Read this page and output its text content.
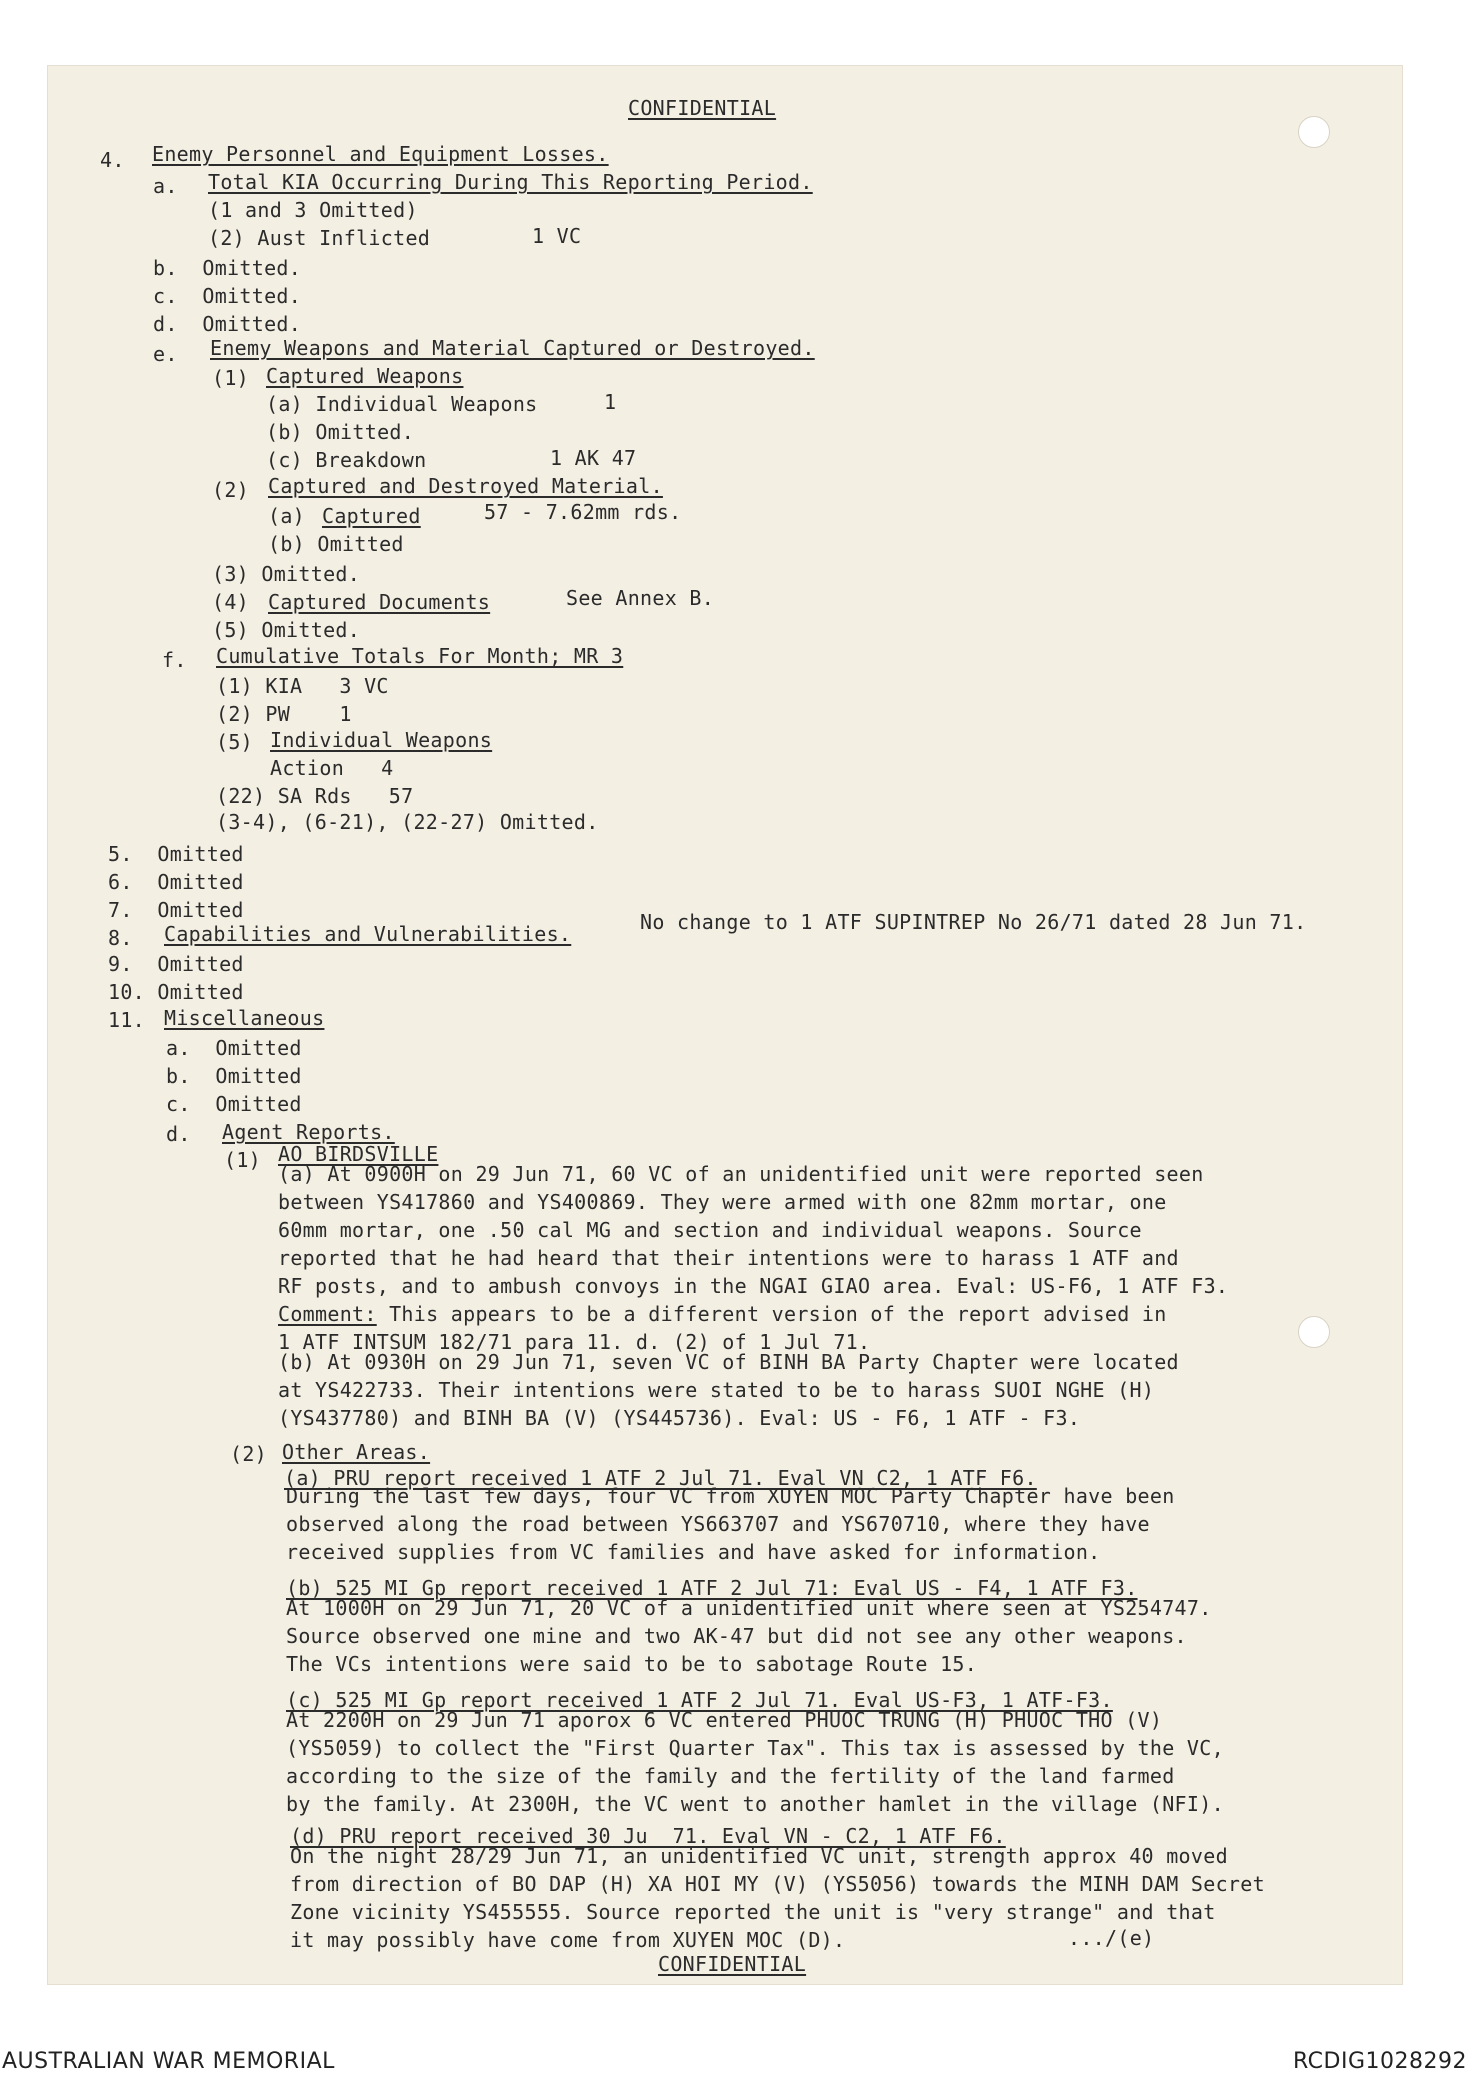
CONFIDENTIAL
4. Enemy Personnel and Equipment Losses.
a. Total KIA Occurring During This Reporting Period.
(1 and 3 Omitted)
(2) Aust Inflicted	1 VC
b.  Omitted.
c.  Omitted.
d.  Omitted.
e. Enemy Weapons and Material Captured or Destroyed.
(1) Captured Weapons
(a) Individual Weapons	1
(b) Omitted.
(c) Breakdown	1 AK 47
(2) Captured and Destroyed Material.
(a) Captured	57 - 7.62mm rds.
(b) Omitted
(3) Omitted.
(4) Captured Documents	See Annex B.
(5) Omitted.
f. Cumulative Totals For Month; MR 3
(1) KIA   3 VC
(2) PW    1
(5) Individual Weapons
Action   4
(22) SA Rds   57
(3-4), (6-21), (22-27) Omitted.
5.  Omitted
6.  Omitted
7.  Omitted
8. Capabilities and Vulnerabilities.	No change to 1 ATF SUPINTREP No 26/71 dated 28 Jun 71.
9.  Omitted
10. Omitted
11. Miscellaneous
a.  Omitted
b.  Omitted
c.  Omitted
d. Agent Reports.
(1) AO BIRDSVILLE
(a) At 0900H on 29 Jun 71, 60 VC of an unidentified unit were reported seen
between YS417860 and YS400869. They were armed with one 82mm mortar, one
60mm mortar, one .50 cal MG and section and individual weapons. Source
reported that he had heard that their intentions were to harass 1 ATF and
RF posts, and to ambush convoys in the NGAI GIAO area. Eval: US-F6, 1 ATF F3.
Comment: This appears to be a different version of the report advised in
1 ATF INTSUM 182/71 para 11. d. (2) of 1 Jul 71.
(b) At 0930H on 29 Jun 71, seven VC of BINH BA Party Chapter were located
at YS422733. Their intentions were stated to be to harass SUOI NGHE (H)
(YS437780) and BINH BA (V) (YS445736). Eval: US - F6, 1 ATF - F3.
(2) Other Areas.
(a) PRU report received 1 ATF 2 Jul 71. Eval VN C2, 1 ATF F6.
During the last few days, four VC from XUYEN MOC Party Chapter have been
observed along the road between YS663707 and YS670710, where they have
received supplies from VC families and have asked for information.
(b) 525 MI Gp report received 1 ATF 2 Jul 71: Eval US - F4, 1 ATF F3.
At 1000H on 29 Jun 71, 20 VC of a unidentified unit where seen at YS254747.
Source observed one mine and two AK-47 but did not see any other weapons.
The VCs intentions were said to be to sabotage Route 15.
(c) 525 MI Gp report received 1 ATF 2 Jul 71. Eval US-F3, 1 ATF-F3.
At 2200H on 29 Jun 71 aporox 6 VC entered PHUOC TRUNG (H) PHUOC THO (V)
(YS5059) to collect the "First Quarter Tax". This tax is assessed by the VC,
according to the size of the family and the fertility of the land farmed
by the family. At 2300H, the VC went to another hamlet in the village (NFI).
(d) PRU report received 30 Ju  71. Eval VN - C2, 1 ATF F6.
On the night 28/29 Jun 71, an unidentified VC unit, strength approx 40 moved
from direction of BO DAP (H) XA HOI MY (V) (YS5056) towards the MINH DAM Secret
Zone vicinity YS455555. Source reported the unit is "very strange" and that
it may possibly have come from XUYEN MOC (D).	.../(e)
CONFIDENTIAL
AUSTRALIAN WAR MEMORIAL	RCDIG1028292
